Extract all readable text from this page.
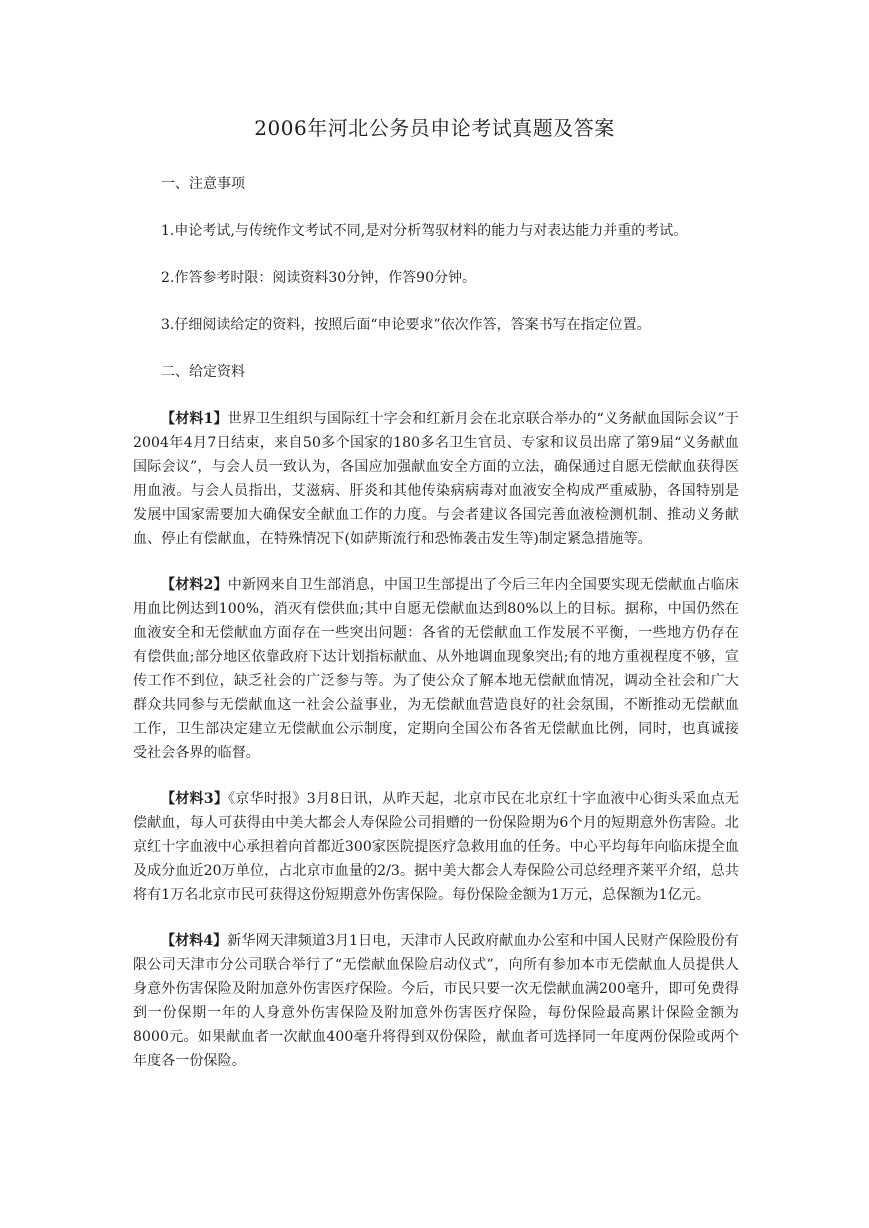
2006年河北公务员申论考试真题及答案

一、注意事项

1.申论考试,与传统作文考试不同,是对分析驾驭材料的能力与对表达能力并重的考试。

2.作答参考时限：阅读资料30分钟，作答90分钟。

3.仔细阅读给定的资料，按照后面“申论要求”依次作答，答案书写在指定位置。

二、给定资料

【材料1】世界卫生组织与国际红十字会和红新月会在北京联合举办的“义务献血国际会议”于2004年4月7日结束，来自50多个国家的180多名卫生官员、专家和议员出席了第9届“义务献血国际会议”，与会人员一致认为，各国应加强献血安全方面的立法，确保通过自愿无偿献血获得医用血液。与会人员指出，艾滋病、肝炎和其他传染病病毒对血液安全构成严重威胁，各国特别是发展中国家需要加大确保安全献血工作的力度。与会者建议各国完善血液检测机制、推动义务献血、停止有偿献血，在特殊情况下(如萨斯流行和恐怖袭击发生等)制定紧急措施等。

【材料2】中新网来自卫生部消息，中国卫生部提出了今后三年内全国要实现无偿献血占临床用血比例达到100%，消灭有偿供血;其中自愿无偿献血达到80%以上的目标。据称，中国仍然在血液安全和无偿献血方面存在一些突出问题：各省的无偿献血工作发展不平衡，一些地方仍存在有偿供血;部分地区依靠政府下达计划指标献血、从外地调血现象突出;有的地方重视程度不够，宣传工作不到位，缺乏社会的广泛参与等。为了使公众了解本地无偿献血情况，调动全社会和广大群众共同参与无偿献血这一社会公益事业，为无偿献血营造良好的社会氛围，不断推动无偿献血工作，卫生部决定建立无偿献血公示制度，定期向全国公布各省无偿献血比例，同时，也真诚接受社会各界的临督。

【材料3】《京华时报》3月8日讯，从昨天起，北京市民在北京红十字血液中心街头采血点无偿献血，每人可获得由中美大都会人寿保险公司捐赠的一份保险期为6个月的短期意外伤害险。北京红十字血液中心承担着向首都近300家医院提医疗急救用血的任务。中心平均每年向临床提全血及成分血近20万单位，占北京市血量的2/3。据中美大都会人寿保险公司总经理齐莱平介绍，总共将有1万名北京市民可获得这份短期意外伤害保险。每份保险金额为1万元，总保额为1亿元。

【材料4】新华网天津频道3月1日电，天津市人民政府献血办公室和中国人民财产保险股份有限公司天津市分公司联合举行了“无偿献血保险启动仪式”，向所有参加本市无偿献血人员提供人身意外伤害保险及附加意外伤害医疗保险。今后，市民只要一次无偿献血满200毫升，即可免费得到一份保期一年的人身意外伤害保险及附加意外伤害医疗保险，每份保险最高累计保险金额为8000元。如果献血者一次献血400毫升将得到双份保险，献血者可选择同一年度两份保险或两个年度各一份保险。
